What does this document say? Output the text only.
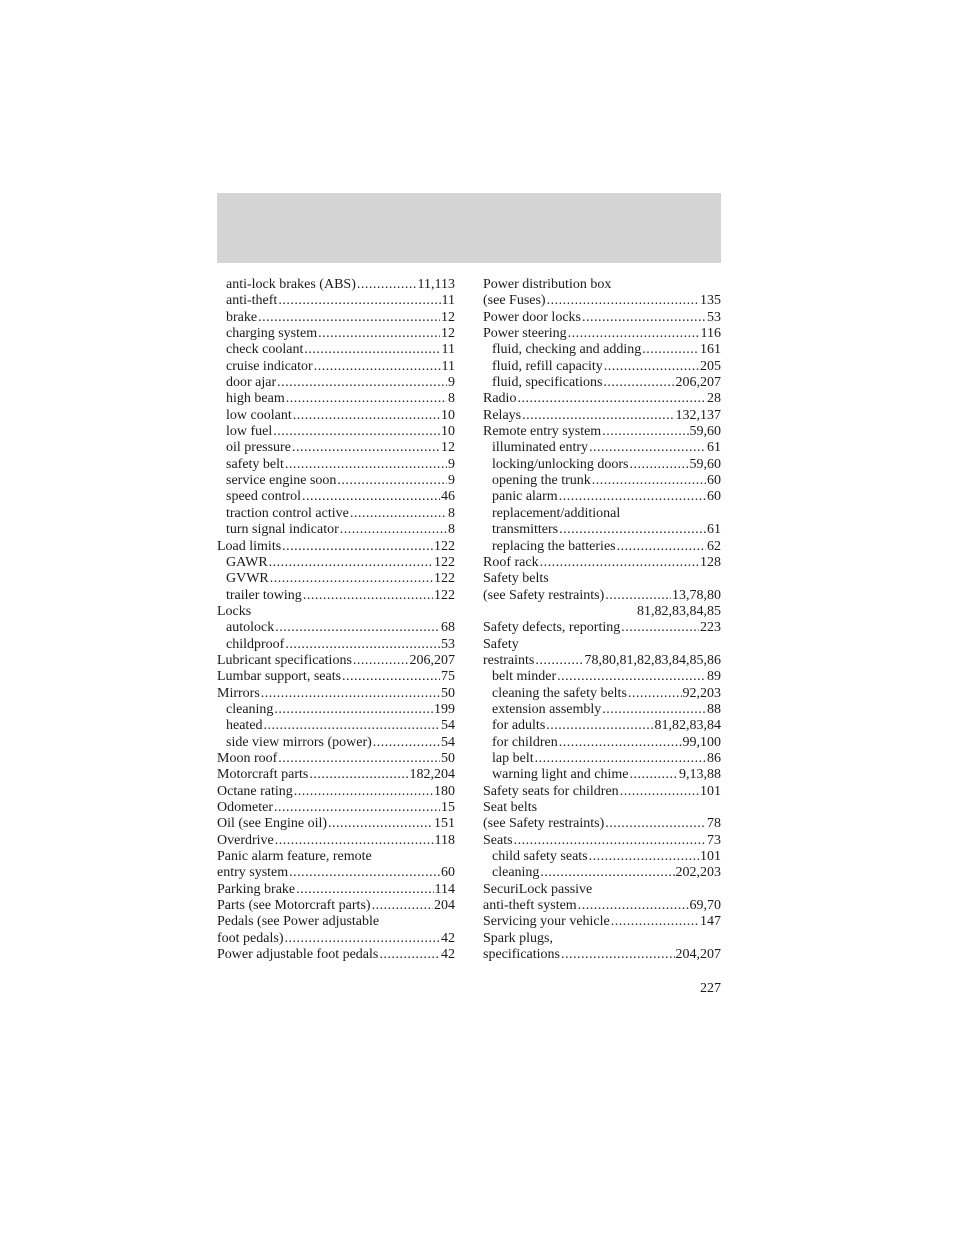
anti-lock brakes (ABS) .....	11,113
anti-theft .....	11
brake .....	12
charging system .....	12
check coolant .....	11
cruise indicator .....	11
door ajar .....	9
high beam .....	8
low coolant .....	10
low fuel .....	10
oil pressure .....	12
safety belt .....	9
service engine soon .....	9
speed control .....	46
traction control active .....	8
turn signal indicator .....	8
Load limits .....	122
GAWR .....	122
GVWR .....	122
trailer towing .....	122
Locks
autolock .....	68
childproof .....	53
Lubricant specifications .....	206,207
Lumbar support, seats .....	75
Mirrors .....	50
cleaning .....	199
heated .....	54
side view mirrors (power) .....	54
Moon roof .....	50
Motorcraft parts .....	182,204
Octane rating .....	180
Odometer .....	15
Oil (see Engine oil) .....	151
Overdrive .....	118
Panic alarm feature, remote
entry system .....	60
Parking brake .....	114
Parts (see Motorcraft parts) .....	204
Pedals (see Power adjustable
foot pedals) .....	42
Power adjustable foot pedals .....	42
Power distribution box
(see Fuses) .....	135
Power door locks .....	53
Power steering .....	116
fluid, checking and adding .....	161
fluid, refill capacity .....	205
fluid, specifications .....	206,207
Radio .....	28
Relays .....	132,137
Remote entry system .....	59,60
illuminated entry .....	61
locking/unlocking doors .....	59,60
opening the trunk .....	60
panic alarm .....	60
replacement/additional
transmitters .....	61
replacing the batteries .....	62
Roof rack .....	128
Safety belts
(see Safety restraints) .....	13,78,80
81,82,83,84,85
Safety defects, reporting .....	223
Safety
restraints .....	78,80,81,82,83,84,85,86
belt minder .....	89
cleaning the safety belts .....	92,203
extension assembly .....	88
for adults .....	81,82,83,84
for children .....	99,100
lap belt .....	86
warning light and chime .....	9,13,88
Safety seats for children .....	101
Seat belts
(see Safety restraints) .....	78
Seats .....	73
child safety seats .....	101
cleaning .....	202,203
SecuriLock passive
anti-theft system .....	69,70
Servicing your vehicle .....	147
Spark plugs,
specifications .....	204,207
227
